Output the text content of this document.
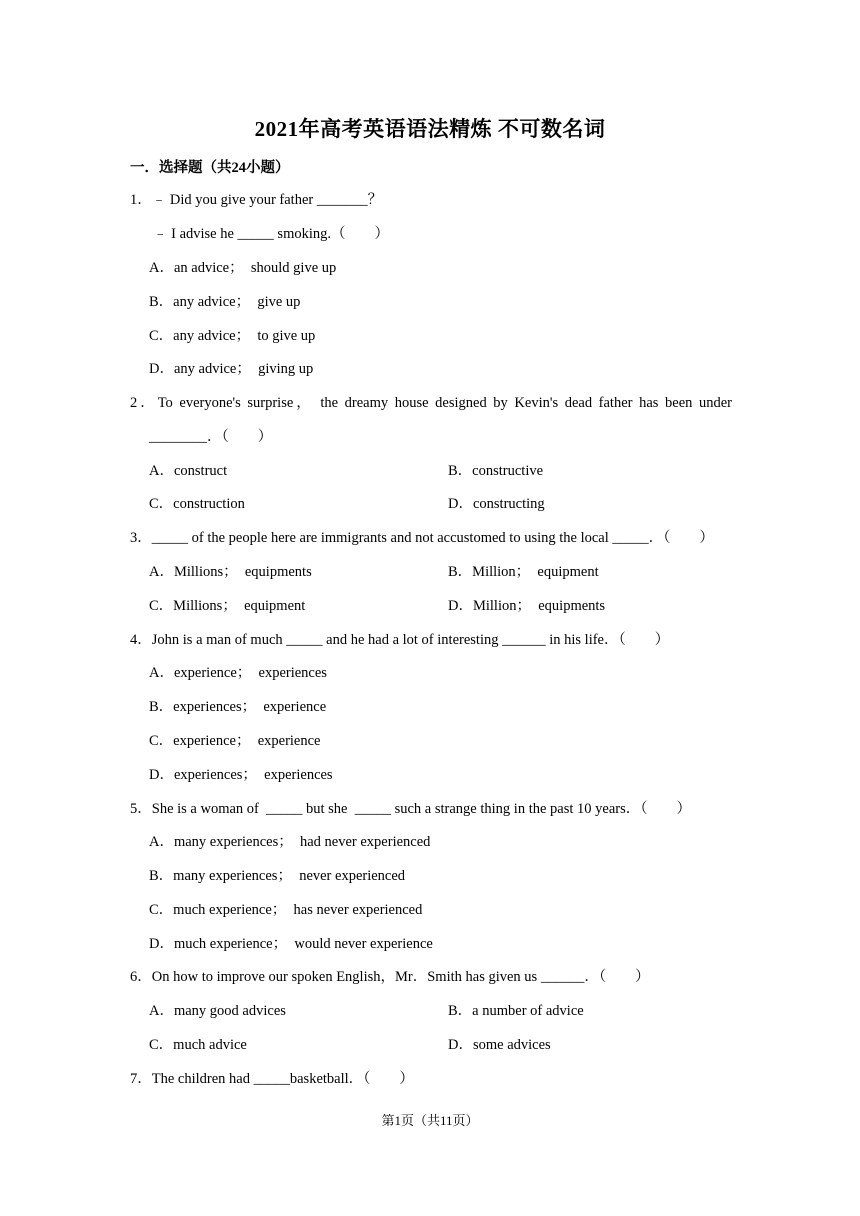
2021年高考英语语法精炼 不可数名词
一．选择题（共24小题）
1．﹣ Did you give your father _______？
﹣ I advise he _____ smoking.（　　）
A．an advice；  should give up
B．any advice；  give up
C．any advice；  to give up
D．any advice；  giving up
2．To everyone's surprise， the dreamy house designed by Kevin's dead father has been under
________．（　　）
A．construct	B．constructive
C．construction	D．constructing
3．_____ of the people here are immigrants and not accustomed to using the local _____．（　　）
A．Millions；  equipments	B．Million；  equipment
C．Millions；  equipment	D．Million；  equipments
4．John is a man of much _____ and he had a lot of interesting ______ in his life．（　　）
A．experience；  experiences
B．experiences；  experience
C．experience；  experience
D．experiences；  experiences
5．She is a woman of  _____ but she  _____ such a strange thing in the past 10 years．（　　）
A．many experiences；  had never experienced
B．many experiences；  never experienced
C．much experience；  has never experienced
D．much experience；  would never experience
6．On how to improve our spoken English，Mr．Smith has given us ______．（　　）
A．many good advices	B．a number of advice
C．much advice	D．some advices
7．The children had _____basketball．（　　）
第1页（共11页）
